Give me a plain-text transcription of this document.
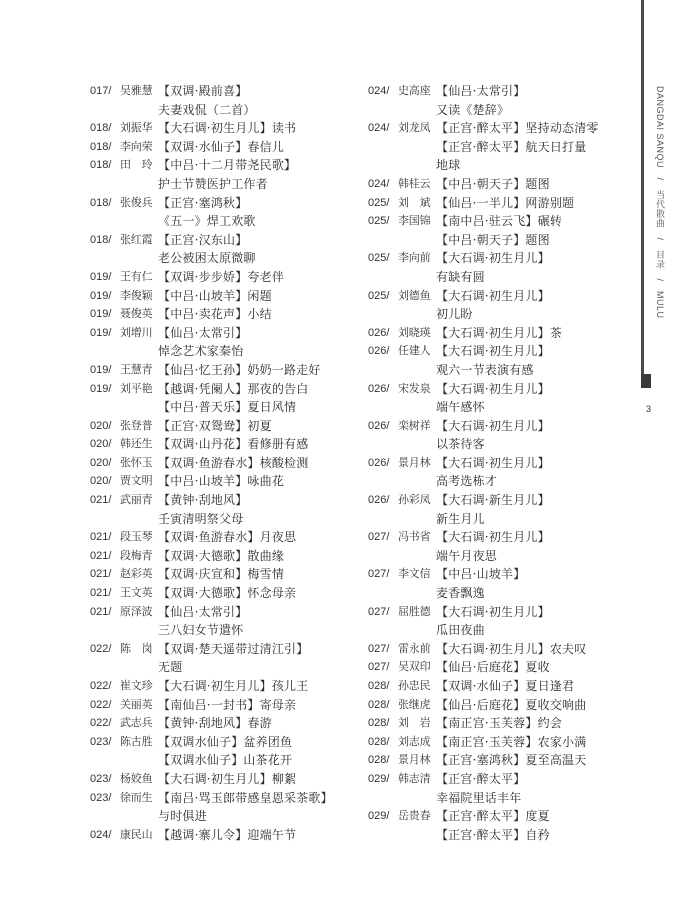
017/ 吴雅慧 【双调·殿前喜】
夫妻戏侃（二首）
018/ 刘振华 【大石调·初生月儿】读书
018/ 李向荣 【双调·水仙子】春信儿
018/ 田　玲 【中吕·十二月带尧民歌】
护士节赞医护工作者
018/ 张俊兵 【正宫·塞鸿秋】
《五一》焊工欢歌
018/ 张红霞 【正宫·汉东山】
老公被困太原微聊
019/ 王有仁 【双调·步步娇】夸老伴
019/ 李俊颖 【中吕·山坡羊】闲题
019/ 聂俊英 【中吕·卖花声】小结
019/ 刘增川 【仙吕·太常引】
悼念艺术家秦怡
019/ 王慧青 【仙吕·忆王孙】奶奶一路走好
019/ 刘平艳 【越调·凭阑人】那夜的告白
【中吕·普天乐】夏日风情
020/ 张登普 【正宫·双鸳鸯】初夏
020/ 韩还生 【双调·山丹花】看修册有感
020/ 张怀玉 【双调·鱼游春水】核酸检测
020/ 贾文明 【中吕·山坡羊】咏曲花
021/ 武丽青 【黄钟·刮地风】
壬寅清明祭父母
021/ 段玉琴 【双调·鱼游春水】月夜思
021/ 段梅青 【双调·大德歌】散曲缘
021/ 赵彩英 【双调·庆宣和】梅雪情
021/ 王文英 【双调·大德歌】怀念母亲
021/ 原泽波 【仙吕·太常引】
三八妇女节遣怀
022/ 陈　岗 【双调·楚天遥带过清江引】
无题
022/ 崔文珍 【大石调·初生月儿】孩儿王
022/ 关丽英 【南仙吕·一封书】寄母亲
022/ 武志兵 【黄钟·刮地风】春游
023/ 陈古胜 【双调水仙子】盆养团鱼
【双调水仙子】山茶花开
023/ 杨姣鱼 【大石调·初生月儿】柳絮
023/ 徐而生 【南吕·骂玉郎带感皇恩采茶歌】
与时俱进
024/ 康民山 【越调·寨儿令】迎端午节
024/ 史高座 【仙吕·太常引】
又读《楚辞》
024/ 刘龙凤 【正宫·醉太平】坚持动态清零
【正宫·醉太平】航天日打量
地球
024/ 韩桂云 【中吕·朝天子】题图
025/ 刘　斌 【仙吕·一半儿】网游别题
025/ 李国锦 【南中吕·驻云飞】碾转
【中吕·朝天子】题图
025/ 李向前 【大石调·初生月儿】
有缺有圆
025/ 刘德鱼 【大石调·初生月儿】
初儿盼
026/ 刘晓瑛 【大石调·初生月儿】茶
026/ 任建人 【大石调·初生月儿】
观六一节表演有感
026/ 宋发泉 【大石调·初生月儿】
端午感怀
026/ 栾树祥 【大石调·初生月儿】
以茶待客
026/ 景月林 【大石调·初生月儿】
高考选栋才
026/ 孙彩凤 【大石调·新生月儿】
新生月儿
027/ 冯书省 【大石调·初生月儿】
端午月夜思
027/ 李文信 【中吕·山坡羊】
麦香飘逸
027/ 屈胜德 【大石调·初生月儿】
瓜田夜曲
027/ 雷永前 【大石调·初生月儿】农夫叹
027/ 吴双印 【仙吕·后庭花】夏收
028/ 孙忠民 【双调·水仙子】夏日逢君
028/ 张继虎 【仙吕·后庭花】夏收交响曲
028/ 刘　岩 【南正宫·玉芙蓉】约会
028/ 刘志成 【南正宫·玉芙蓉】农家小满
028/ 景月林 【正宫·塞鸿秋】夏至高温天
029/ 韩志清 【正宫·醉太平】
幸福院里话丰年
029/ 岳贵春 【正宫·醉太平】度夏
【正宫·醉太平】自矜
DANGDAI SANQU　/　当代散曲　/　目录　/　MULU
3
